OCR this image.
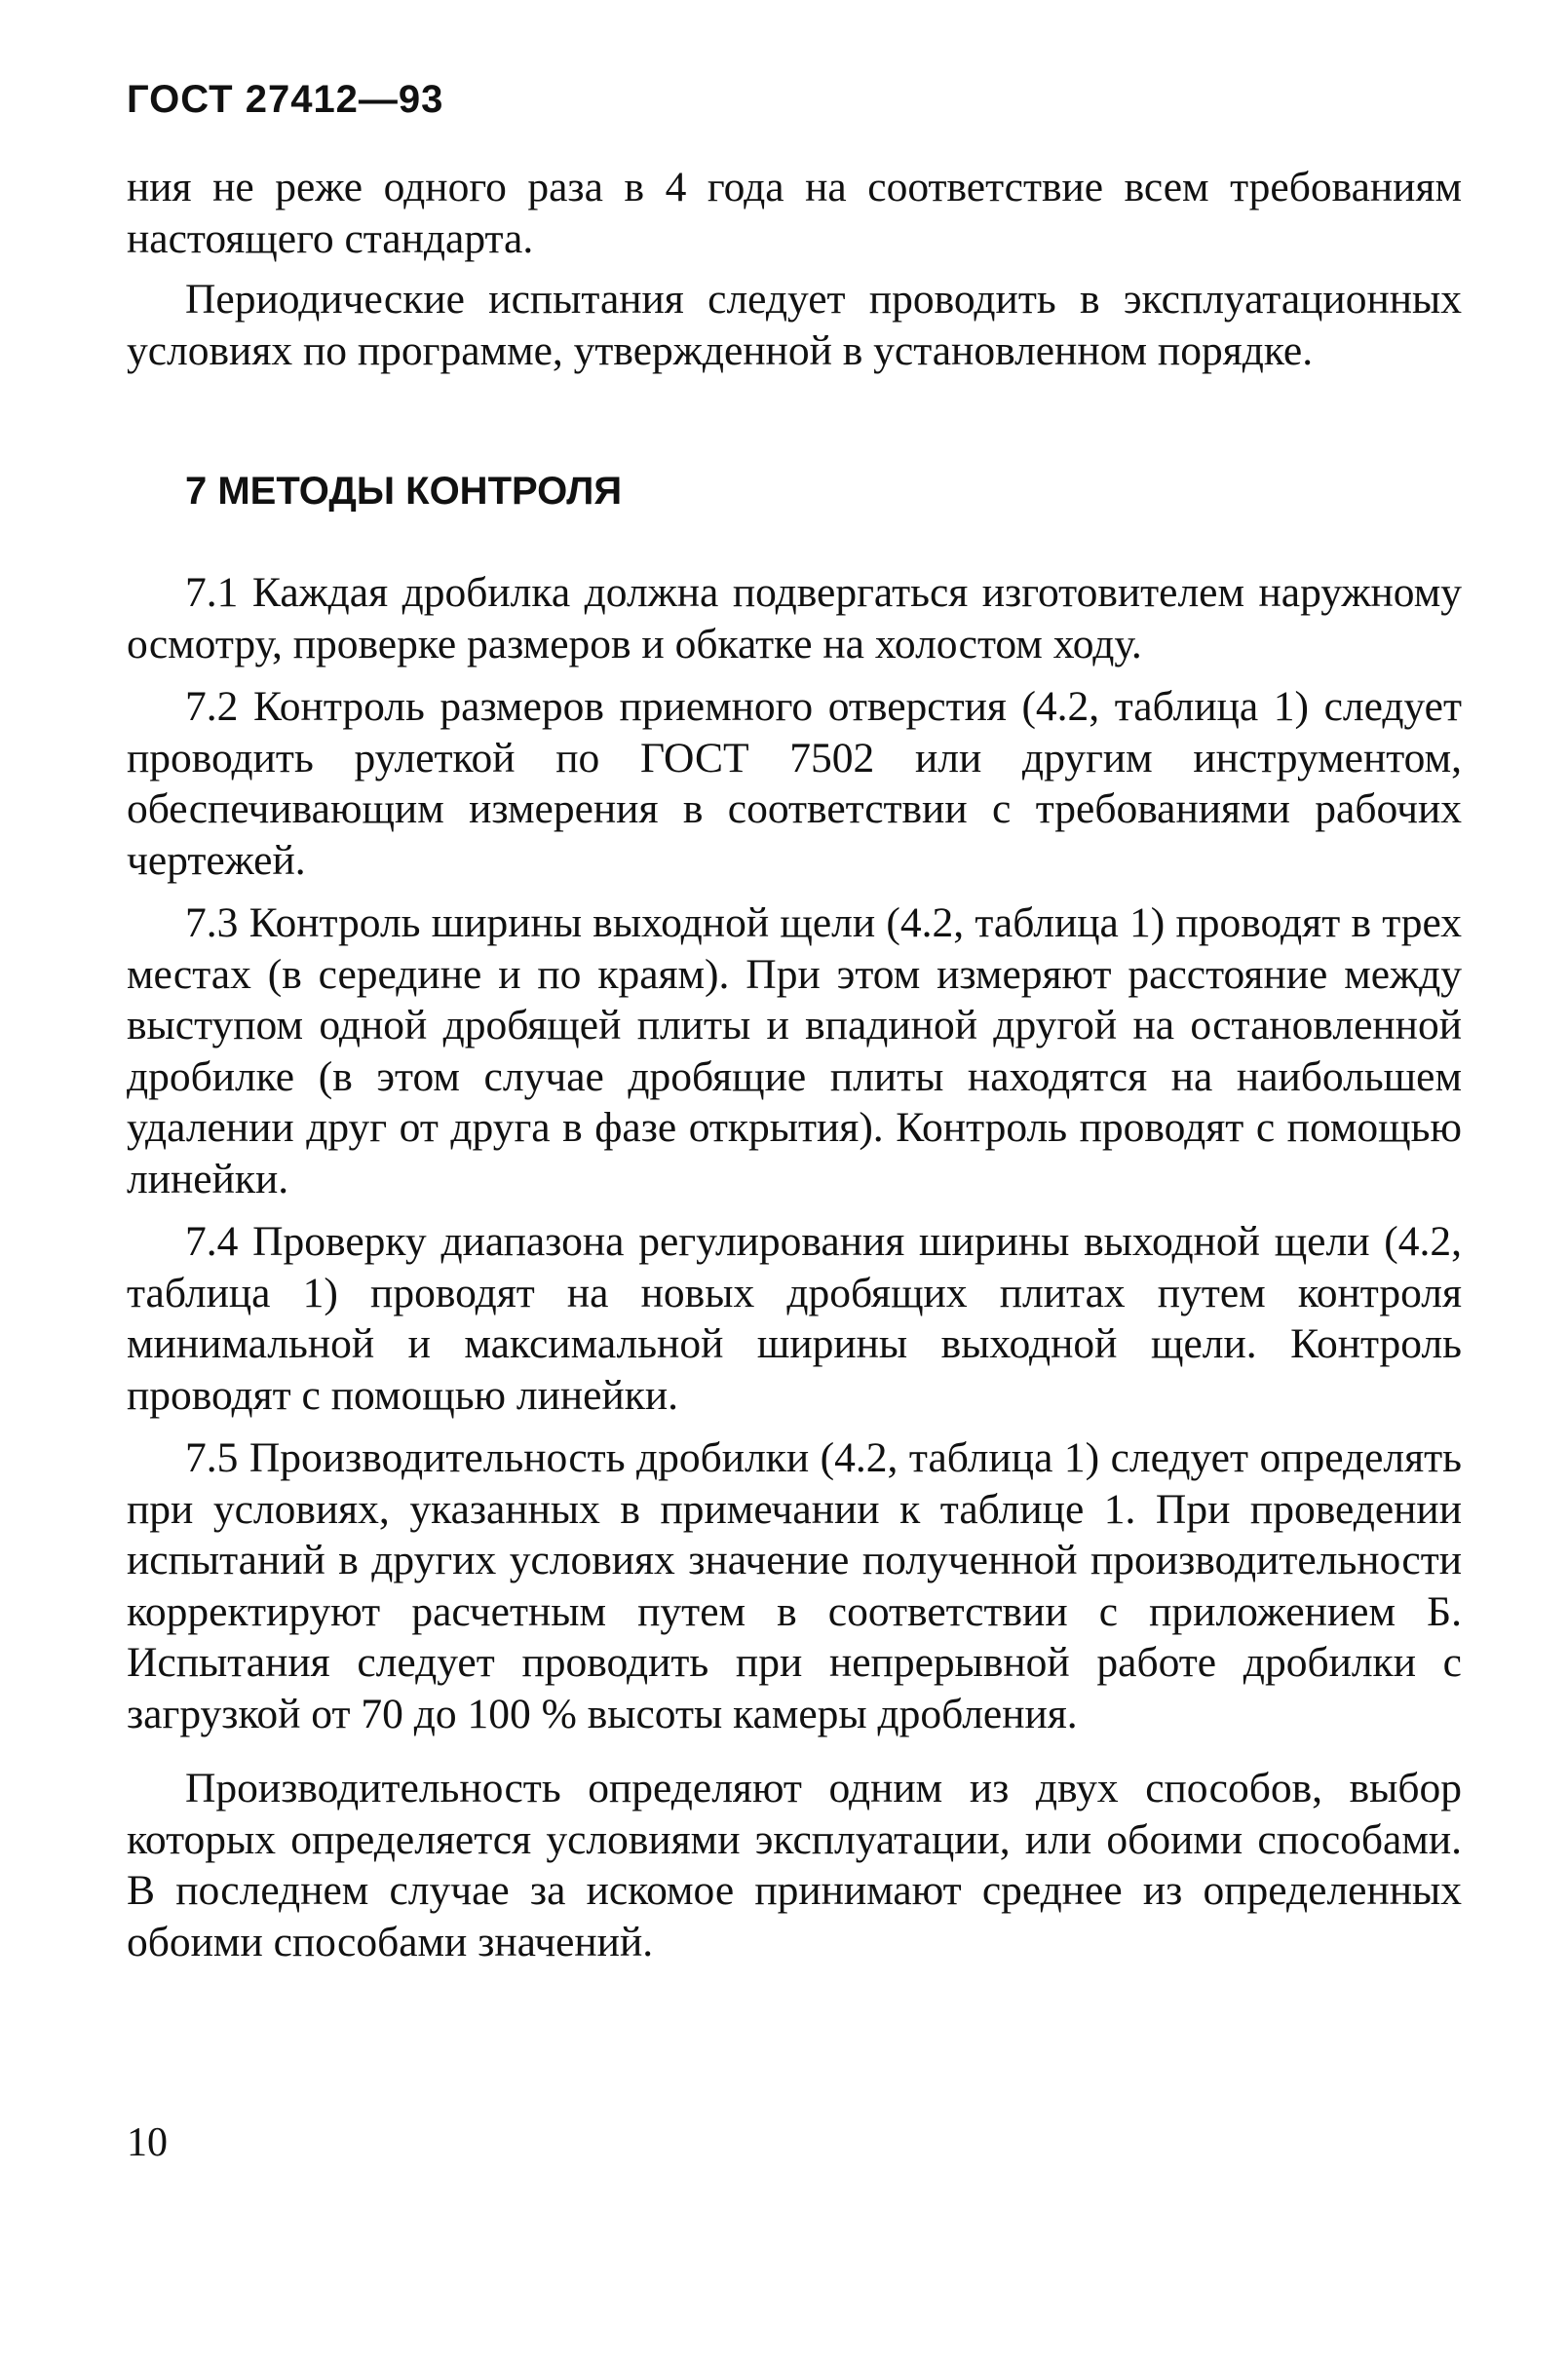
ГОСТ 27412—93

ния не реже одного раза в 4 года на соответствие всем требованиям настоящего стандарта.

Периодические испытания следует проводить в эксплуатационных условиях по программе, утвержденной в установленном порядке.

7 МЕТОДЫ КОНТРОЛЯ

7.1 Каждая дробилка должна подвергаться изготовителем наружному осмотру, проверке размеров и обкатке на холостом ходу.

7.2 Контроль размеров приемного отверстия (4.2, таблица 1) следует проводить рулеткой по ГОСТ 7502 или другим инструментом, обеспечивающим измерения в соответствии с требованиями рабочих чертежей.

7.3 Контроль ширины выходной щели (4.2, таблица 1) проводят в трех местах (в середине и по краям). При этом измеряют расстояние между выступом одной дробящей плиты и впадиной другой на остановленной дробилке (в этом случае дробящие плиты находятся на наибольшем удалении друг от друга в фазе открытия). Контроль проводят с помощью линейки.

7.4 Проверку диапазона регулирования ширины выходной щели (4.2, таблица 1) проводят на новых дробящих плитах путем контроля минимальной и максимальной ширины выходной щели. Контроль проводят с помощью линейки.

7.5 Производительность дробилки (4.2, таблица 1) следует определять при условиях, указанных в примечании к таблице 1. При проведении испытаний в других условиях значение полученной производительности корректируют расчетным путем в соответствии с приложением Б. Испытания следует проводить при непрерывной работе дробилки с загрузкой от 70 до 100 % высоты камеры дробления.

Производительность определяют одним из двух способов, выбор которых определяется условиями эксплуатации, или обоими способами. В последнем случае за искомое принимают среднее из определенных обоими способами значений.

10
